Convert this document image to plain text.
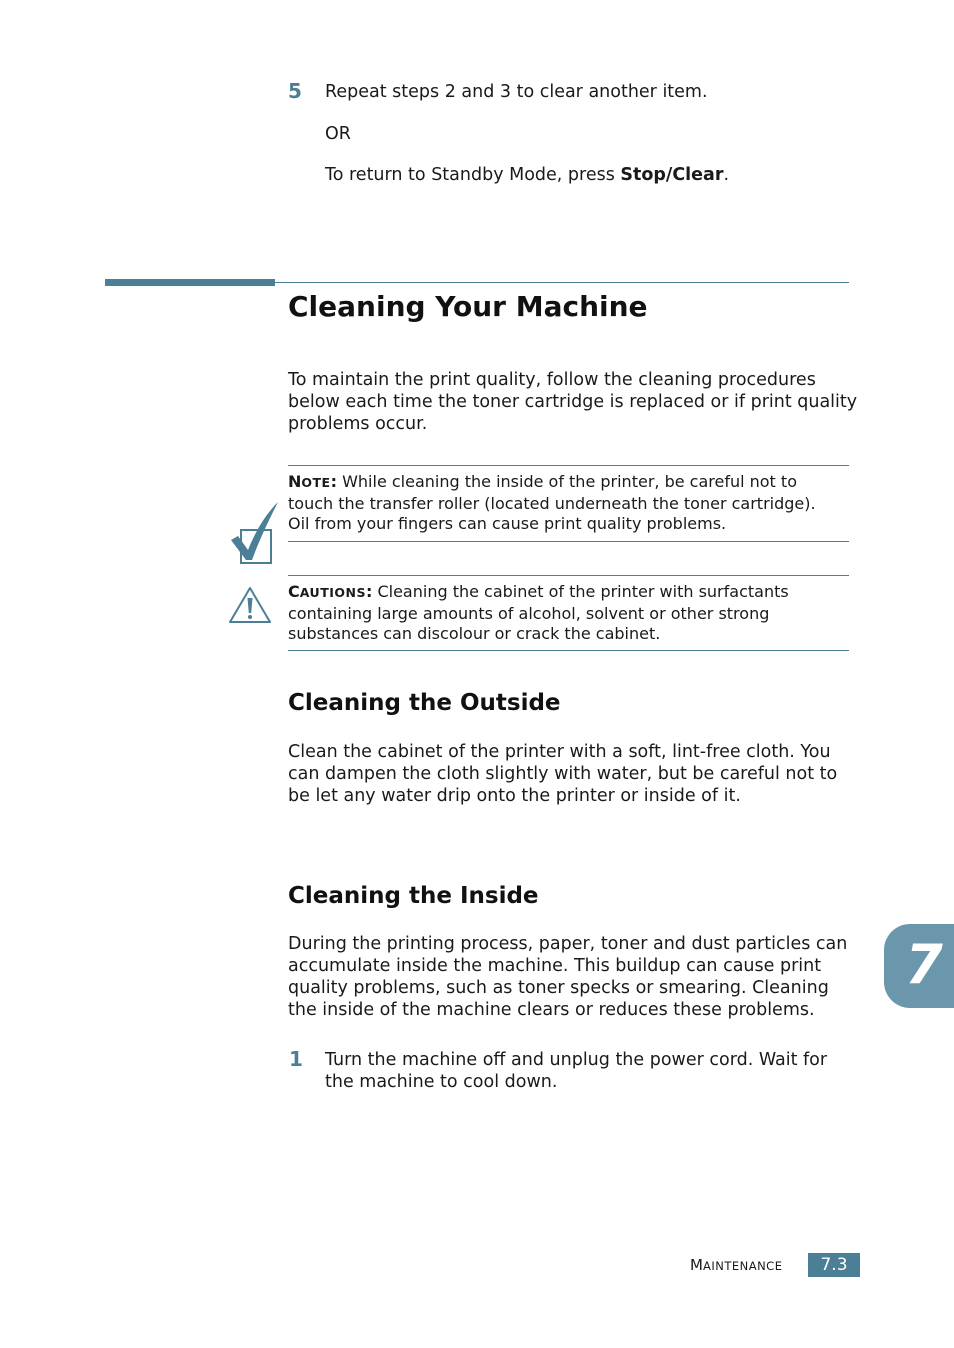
5 Repeat steps 2 and 3 to clear another item.
OR
To return to Standby Mode, press Stop/Clear.
Cleaning Your Machine
To maintain the print quality, follow the cleaning procedures
below each time the toner cartridge is replaced or if print quality
problems occur.
NOTE: While cleaning the inside of the printer, be careful not to
touch the transfer roller (located underneath the toner cartridge).
Oil from your fingers can cause print quality problems.
CAUTIONS: Cleaning the cabinet of the printer with surfactants
containing large amounts of alcohol, solvent or other strong
substances can discolour or crack the cabinet.
Cleaning the Outside
Clean the cabinet of the printer with a soft, lint-free cloth. You
can dampen the cloth slightly with water, but be careful not to
be let any water drip onto the printer or inside of it.
Cleaning the Inside
During the printing process, paper, toner and dust particles can
accumulate inside the machine. This buildup can cause print
quality problems, such as toner specks or smearing. Cleaning
the inside of the machine clears or reduces these problems.
1 Turn the machine off and unplug the power cord. Wait for
the machine to cool down.
7
MAINTENANCE	7.3
